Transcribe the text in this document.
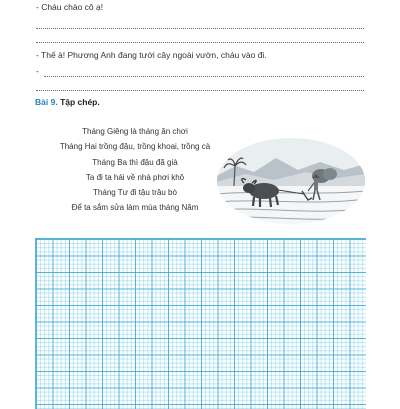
- Cháu chào cô ạ!
- Thế à! Phương Anh đang tưới cây ngoài vườn, cháu vào đi.
-
Bài 9. Tập chép.
Tháng Giêng là tháng ăn chơi
Tháng Hai trồng đậu, trồng khoai, trồng cà
Tháng Ba thì đậu đã già
Ta đi ta hái về nhà phơi khô
Tháng Tư đi tậu trâu bò
Để ta sắm sửa làm mùa tháng Năm
